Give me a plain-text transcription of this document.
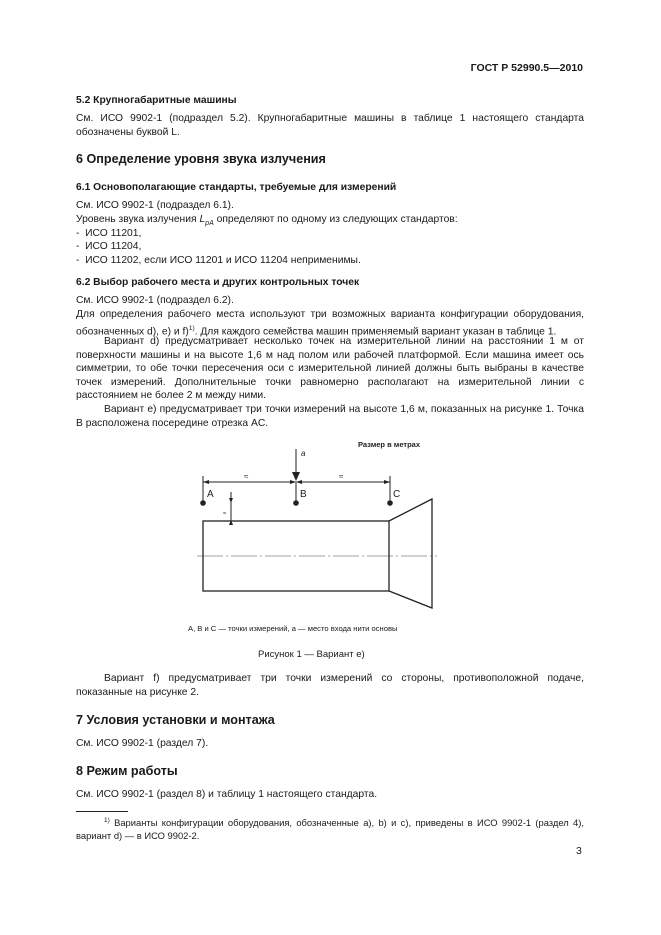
ГОСТ Р 52990.5—2010

5.2 Крупногабаритные машины

См. ИСО 9902-1 (подраздел 5.2). Крупногабаритные машины в таблице 1 настоящего стандарта обозначены буквой L.

6 Определение уровня звука излучения

6.1 Основополагающие стандарты, требуемые для измерений

См. ИСО 9902-1 (подраздел 6.1).

Уровень звука излучения $L_{pA}$ определяют по одному из следующих стандартов:

-  ИСО 11201,

-  ИСО 11204,

-  ИСО 11202, если ИСО 11201 и ИСО 11204 неприменимы.

6.2 Выбор рабочего места и других контрольных точек

См. ИСО 9902-1 (подраздел 6.2).

Для определения рабочего места используют три возможных варианта конфигурации оборудования, обозначенных d), e) и f)$^{1)}$. Для каждого семейства машин применяемый вариант указан в таблице 1.

Вариант d) предусматривает несколько точек на измерительной линии на расстоянии 1 м от поверхности машины и на высоте 1,6 м над полом или рабочей платформой. Если машина имеет ось симметрии, то обе точки пересечения оси с измерительной линией должны быть выбраны в качестве точек измерений. Дополнительные точки равномерно располагают на измерительной линии с расстоянием не более 2 м между ними.

Вариант e) предусматривает три точки измерений на высоте 1,6 м, показанных на рисунке 1. Точка B расположена посередине отрезка AC.

Размер в метрах
a
≈	≈
A	B	C
≈

A, B и C — точки измерений, a — место входа нити основы

Рисунок 1 — Вариант e)

Вариант f) предусматривает три точки измерений со стороны, противоположной подаче, показанные на рисунке 2.

7 Условия установки и монтажа

См. ИСО 9902-1 (раздел 7).

8 Режим работы

См. ИСО 9902-1 (раздел 8) и таблицу 1 настоящего стандарта.

$^{1)}$ Варианты конфигурации оборудования, обозначенные a), b) и c), приведены в ИСО 9902-1 (раздел 4), вариант d) — в ИСО 9902-2.

3
